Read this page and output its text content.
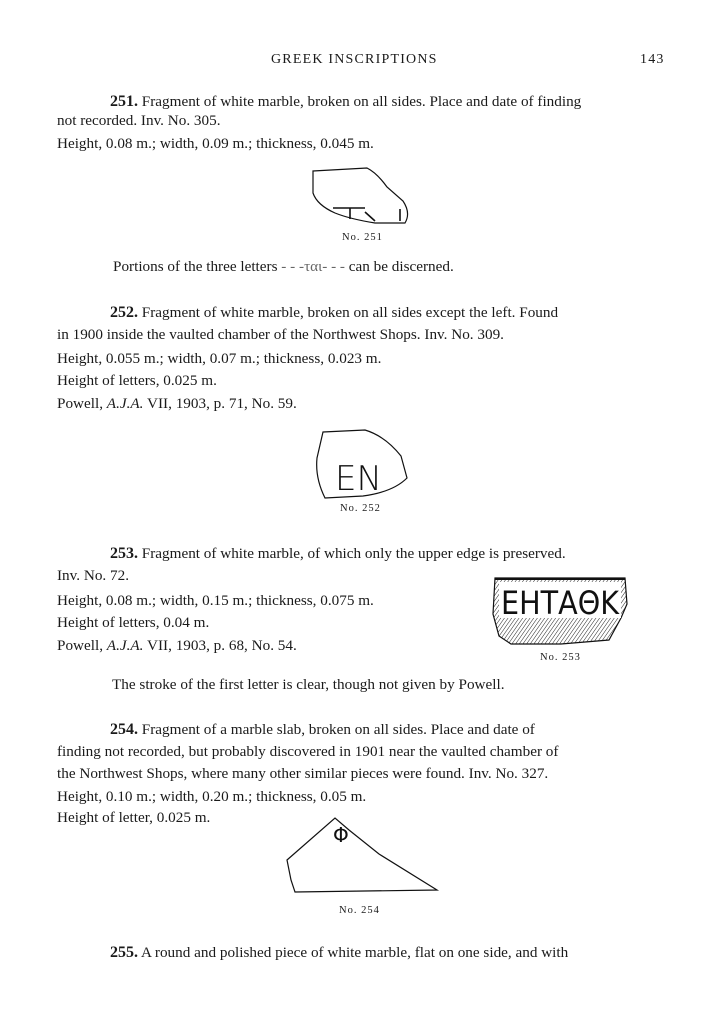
GREEK INSCRIPTIONS	143
251. Fragment of white marble, broken on all sides. Place and date of finding
not recorded. Inv. No. 305.
Height, 0.08 m.; width, 0.09 m.; thickness, 0.045 m.
No. 251
Portions of the three letters - - -ται- - - can be discerned.
252. Fragment of white marble, broken on all sides except the left. Found
in 1900 inside the vaulted chamber of the Northwest Shops. Inv. No. 309.
Height, 0.055 m.; width, 0.07 m.; thickness, 0.023 m.
Height of letters, 0.025 m.
Powell, A.J.A. VII, 1903, p. 71, No. 59.
ΕΝ
No. 252
253. Fragment of white marble, of which only the upper edge is preserved.
Inv. No. 72.
Height, 0.08 m.; width, 0.15 m.; thickness, 0.075 m.
Height of letters, 0.04 m.
Powell, A.J.A. VII, 1903, p. 68, No. 54.
ΕΗΤΑΘΚ
No. 253
The stroke of the first letter is clear, though not given by Powell.
254. Fragment of a marble slab, broken on all sides. Place and date of
finding not recorded, but probably discovered in 1901 near the vaulted chamber of
the Northwest Shops, where many other similar pieces were found. Inv. No. 327.
Height, 0.10 m.; width, 0.20 m.; thickness, 0.05 m.
Height of letter, 0.025 m.
Φ
No. 254
255. A round and polished piece of white marble, flat on one side, and with
